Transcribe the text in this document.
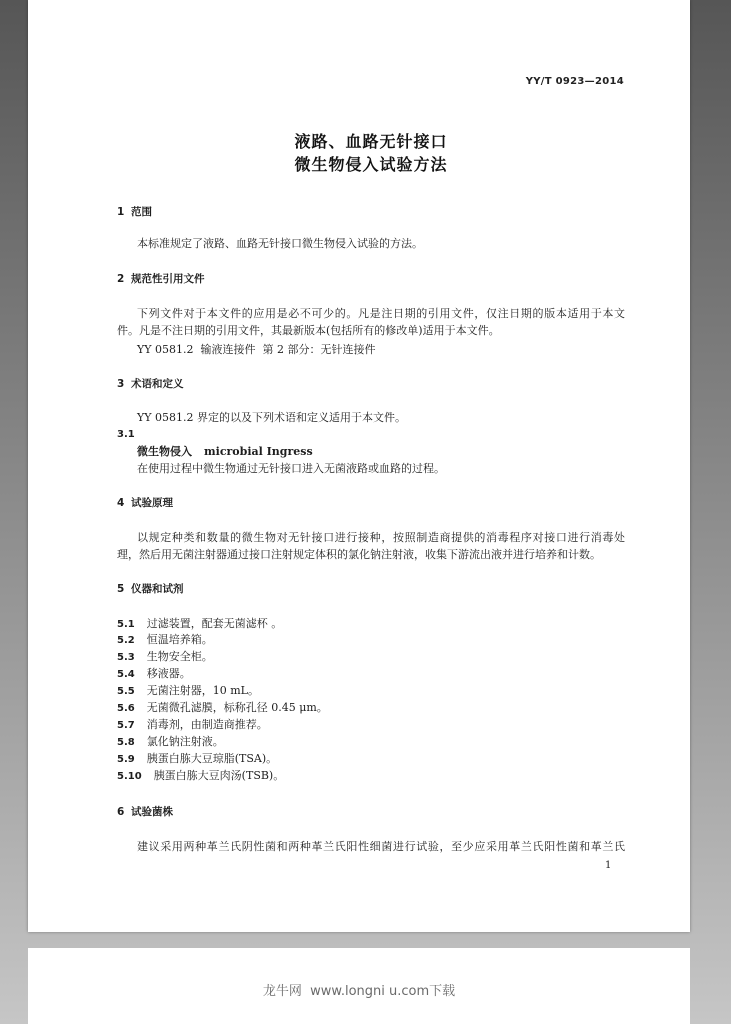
YY/T 0923—2014
液路、血路无针接口
微生物侵入试验方法
1 范围
本标准规定了液路、血路无针接口微生物侵入试验的方法。
2 规范性引用文件
下列文件对于本文件的应用是必不可少的。凡是注日期的引用文件，仅注日期的版本适用于本文
件。凡是不注日期的引用文件，其最新版本(包括所有的修改单)适用于本文件。
YY 0581.2  输液连接件  第 2 部分：无针连接件
3 术语和定义
YY 0581.2 界定的以及下列术语和定义适用于本文件。
3.1
微生物侵入 microbial Ingress
在使用过程中微生物通过无针接口进入无菌液路或血路的过程。
4 试验原理
以规定种类和数量的微生物对无针接口进行接种，按照制造商提供的消毒程序对接口进行消毒处
理，然后用无菌注射器通过接口注射规定体积的氯化钠注射液，收集下游流出液并进行培养和计数。
5 仪器和试剂
5.1 过滤装置，配套无菌滤杯 。
5.2 恒温培养箱。
5.3 生物安全柜。
5.4 移液器。
5.5 无菌注射器，10 mL。
5.6 无菌微孔滤膜，标称孔径 0.45 μm。
5.7 消毒剂，由制造商推荐。
5.8 氯化钠注射液。
5.9 胰蛋白胨大豆琼脂(TSA)。
5.10 胰蛋白胨大豆肉汤(TSB)。
6 试验菌株
建议采用两种革兰氏阴性菌和两种革兰氏阳性细菌进行试验，至少应采用革兰氏阳性菌和革兰氏
1
龙牛网  www.longni u.com下载
